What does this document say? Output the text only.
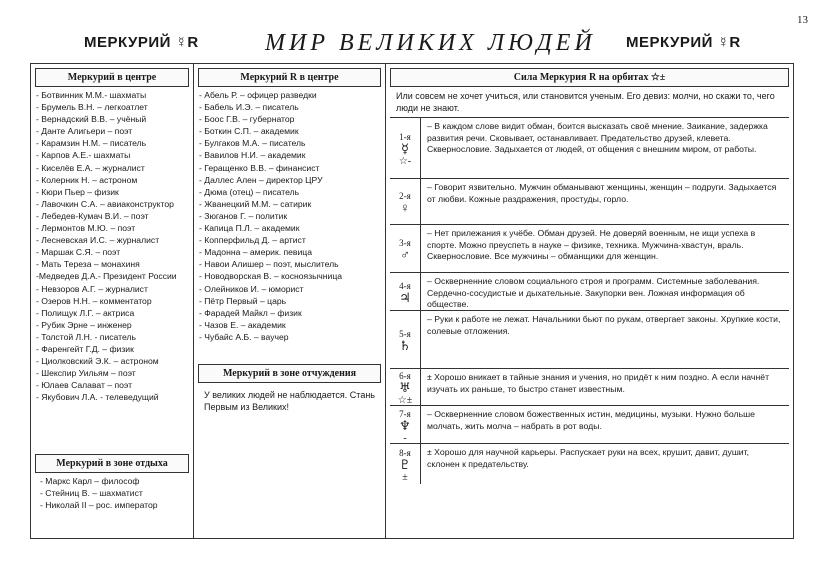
13
МЕРКУРИЙ ☿R	МИР ВЕЛИКИХ ЛЮДЕЙ МЕРКУРИЙ ☿R
Меркурий в центре
- Ботвинник М.М.- шахматы
- Брумель В.Н. – легкоатлет
- Вернадский В.В. – учёный
- Данте Алигьери – поэт
- Карамзин Н.М. – писатель
- Карпов А.Е.- шахматы
- Киселёв Е.А. – журналист
- Колерник Н. – астроном
- Кюри Пьер – физик
- Лавочкин С.А. – авиаконструктор
- Лебедев-Кумач В.И. – поэт
- Лермонтов М.Ю. – поэт
- Лесневская И.С. – журналист
- Маршак С.Я. – поэт
- Мать Тереза – монахиня
-Медведев Д.А.- Президент России
- Невзоров А.Г. – журналист
- Озеров Н.Н. – комментатор
- Полищук Л.Г. – актриса
- Рубик Эрне – инженер
- Толстой Л.Н. - писатель
- Фаренгейт Г.Д. – физик
- Циолковский Э.К. – астроном
- Шекспир Уильям – поэт
- Юлаев Салават – поэт
- Якубович Л.А. - телеведущий
Меркурий в зоне отдыха
- Маркс Карл – философ
- Стейниц В. – шахматист
- Николай II – рос. император
Меркурий R в центре
- Абель Р. – офицер разведки
- Бабель И.Э. – писатель
- Боос Г.В. – губернатор
- Боткин С.П. – академик
- Булгаков М.А. – писатель
- Вавилов Н.И. – академик
- Геращенко В.В. – финансист
- Даллес Ален – директор ЦРУ
- Дюма (отец) – писатель
- Жванецкий М.М. – сатирик
- Зюганов Г. – политик
- Капица П.Л. – академик
- Копперфильд Д. – артист
- Мадонна – америк. певица
- Навои Алишер – поэт, мыслитель
- Новодворская В. – косноязычница
- Олейников И. – юморист
- Пётр Первый – царь
- Фарадей Майкл – физик
- Чазов Е. – академик
- Чубайс А.Б. – ваучер
Меркурий в зоне отчуждения
У великих людей не наблюдается. Стань Первым из Великих!
Сила Меркурия R на орбитах ☆±
Или совсем не хочет учиться, или становится ученым. Его девиз: молчи, но скажи то, чего люди не знают.
1-я
☿
☆-
– В каждом слове видит обман, боится высказать своё мнение. Заикание, задержка развития речи. Сковывает, останавливает. Предательство друзей, клевета. Сквернословие. Задыхается от людей, от общения с внешним миром, от работы.
2-я
♀
– Говорит язвительно. Мужчин обманывают женщины, женщин – подруги. Задыхается от любви. Кожные раздражения, простуды, горло.
3-я
♂
– Нет прилежания к учёбе. Обман друзей. Не доверяй военным, не ищи успеха в спорте. Можно преуспеть в науке – физике, техника. Мужчина-хвастун, враль. Сквернословие. Все мужчины – обманщики для женщин.
4-я
♃
– Оскверненние словом социального строя и программ. Системные заболевания. Сердечно-сосудистые и дыхательные. Закупорки вен. Ложная информация об обществе.
5-я
♄
– Руки к работе не лежат. Начальники бьют по рукам, отвергает законы. Хрупкие кости, солевые отложения.
6-я
♅
☆±
± Хорошо вникает в тайные знания и учения, но придёт к ним поздно. А если начнёт изучать их раньше, то быстро станет известным.
7-я
♆
-
– Оскверненние словом божественных истин, медицины, музыки. Нужно больше молчать, жить молча – набрать в рот воды.
8-я
♇
±
± Хорошо для научной карьеры. Распускает руки на всех, крушит, давит, душит, склонен к предательству.
